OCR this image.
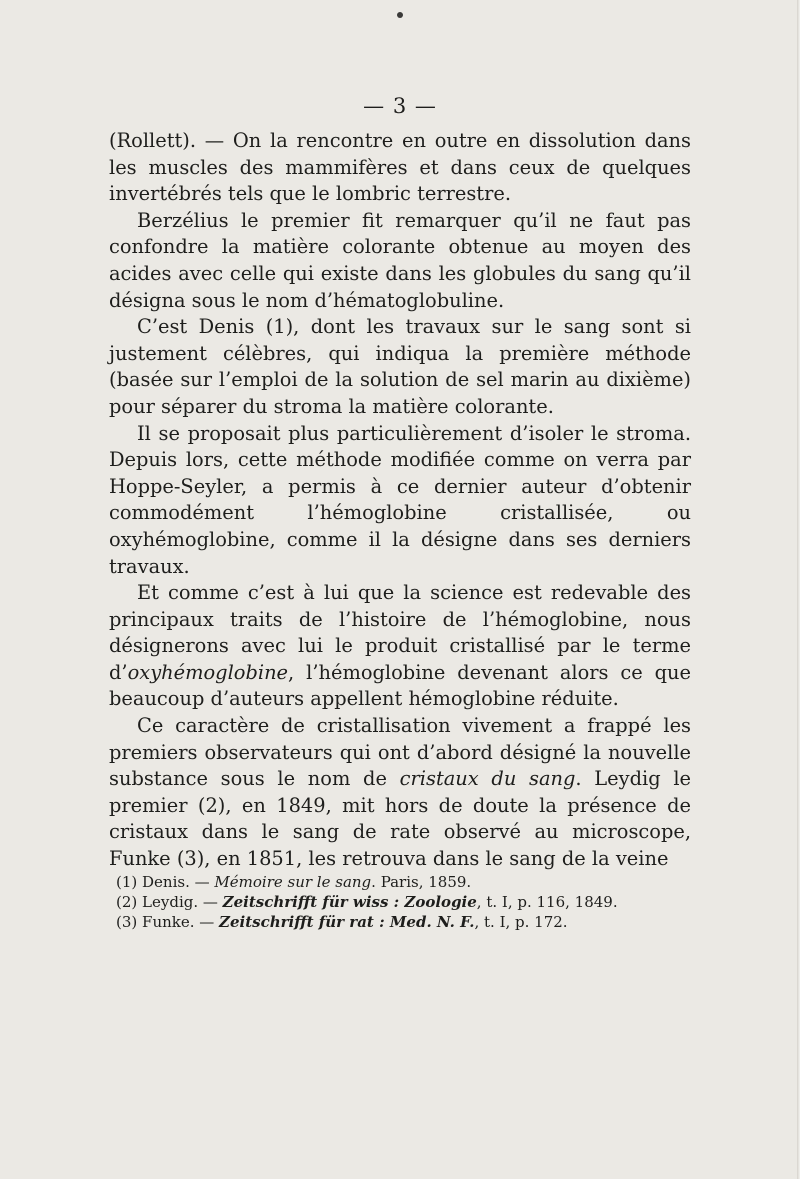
— 3 —

(Rollett). — On la rencontre en outre en dissolution dans les muscles des mammifères et dans ceux de quelques invertébrés tels que le lombric terrestre.

Berzélius le premier fit remarquer qu’il ne faut pas confondre la matière colorante obtenue au moyen des acides avec celle qui existe dans les globules du sang qu’il désigna sous le nom d’hématoglobuline.

C’est Denis (1), dont les travaux sur le sang sont si justement célèbres, qui indiqua la première méthode (basée sur l’emploi de la solution de sel marin au dixième) pour séparer du stroma la matière colorante.

Il se proposait plus particulièrement d’isoler le stroma. Depuis lors, cette méthode modifiée comme on verra par Hoppe-Seyler, a permis à ce dernier auteur d’obtenir commodément l’hémoglobine cristallisée, ou oxyhémoglobine, comme il la désigne dans ses derniers travaux.

Et comme c’est à lui que la science est redevable des principaux traits de l’histoire de l’hémoglobine, nous désignerons avec lui le produit cristallisé par le terme d’oxyhémoglobine, l’hémoglobine devenant alors ce que beaucoup d’auteurs appellent hémoglobine réduite.

Ce caractère de cristallisation vivement a frappé les premiers observateurs qui ont d’abord désigné la nouvelle substance sous le nom de cristaux du sang. Leydig le premier (2), en 1849, mit hors de doute la présence de cristaux dans le sang de rate observé au microscope, Funke (3), en 1851, les retrouva dans le sang de la veine

(1) Denis. — Mémoire sur le sang. Paris, 1859.

(2) Leydig. — Zeitschrifft für wiss : Zoologie, t. I, p. 116, 1849.

(3) Funke. — Zeitschrifft für rat : Med. N. F., t. I, p. 172.
